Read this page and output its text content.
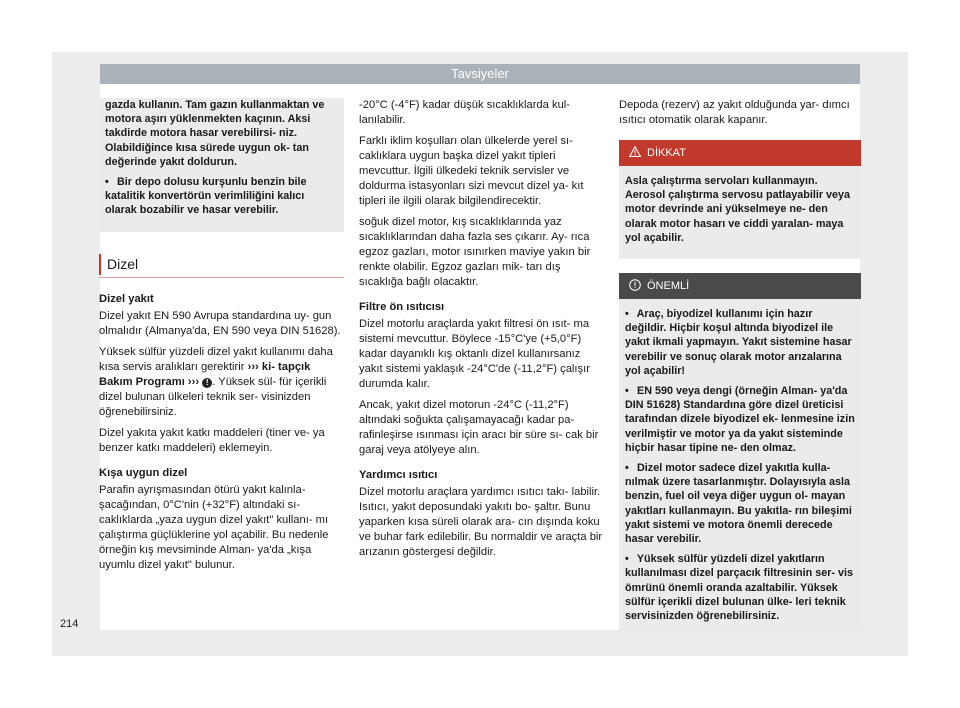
Tavsiyeler

gazda kullanın. Tam gazın kullanmaktan ve motora aşırı yüklenmekten kaçının. Aksi takdirde motora hasar verebilirsi- niz. Olabildiğince kısa sürede uygun ok- tan değerinde yakıt doldurun.

• Bir depo dolusu kurşunlu benzin bile katalitik konvertörün verimliliğini kalıcı olarak bozabilir ve hasar verebilir.

Dizel

Dizel yakıt

Dizel yakıt EN 590 Avrupa standardına uy- gun olmalıdır (Almanya'da, EN 590 veya DIN 51628).

Yüksek sülfür yüzdeli dizel yakıt kullanımı daha kısa servis aralıkları gerektirir ››› ki- tapçık Bakım Programı ››› ! . Yüksek sül- für içerikli dizel bulunan ülkeleri teknik ser- visinizden öğrenebilirsiniz.

Dizel yakıta yakıt katkı maddeleri (tiner ve- ya benzer katkı maddeleri) eklemeyin.

Kışa uygun dizel

Parafin ayrışmasından ötürü yakıt kalınla- şacağından, 0°C'nin (+32°F) altındaki sı- caklıklarda „yaza uygun dizel yakıt" kullanı- mı çalıştırma güçlüklerine yol açabilir. Bu nedenle örneğin kış mevsiminde Alman- ya'da „kışa uyumlu dizel yakıt" bulunur.

-20°C (-4°F) kadar düşük sıcaklıklarda kul- lanılabilir.

Farklı iklim koşulları olan ülkelerde yerel sı- caklıklara uygun başka dizel yakıt tipleri mevcuttur. İlgili ülkedeki teknik servisler ve doldurma istasyonları sizi mevcut dizel ya- kıt tipleri ile ilgili olarak bilgilendirecektir.

soğuk dizel motor, kış sıcaklıklarında yaz sıcaklıklarından daha fazla ses çıkarır. Ay- rıca egzoz gazları, motor ısınırken maviye yakın bir renkte olabilir. Egzoz gazları mik- tarı dış sıcaklığa bağlı olacaktır.

Filtre ön ısıtıcısı

Dizel motorlu araçlarda yakıt filtresi ön ısıt- ma sistemi mevcuttur. Böylece -15°C'ye (+5,0°F) kadar dayanıklı kış oktanlı dizel kullanırsanız yakıt sistemi yaklaşık -24°C'de (-11,2°F) çalışır durumda kalır.

Ancak, yakıt dizel motorun -24°C (-11,2°F) altındaki soğukta çalışamayacağı kadar pa- rafinleşirse ısınması için aracı bir süre sı- cak bir garaj veya atölyeye alın.

Yardımcı ısıtıcı

Dizel motorlu araçlara yardımcı ısıtıcı takı- labilir. Isıtıcı, yakıt deposundaki yakıtı bo- şaltır. Bunu yaparken kısa süreli olarak ara- cın dışında koku ve buhar fark edilebilir. Bu normaldir ve araçta bir arızanın göstergesi değildir.

Depoda (rezerv) az yakıt olduğunda yar- dımcı ısıtıcı otomatik olarak kapanır.

DİKKAT

Asla çalıştırma servoları kullanmayın. Aerosol çalıştırma servosu patlayabilir veya motor devrinde ani yükselmeye ne- den olarak motor hasarı ve ciddi yaralan- maya yol açabilir.

ÖNEMLİ

• Araç, biyodizel kullanımı için hazır değildir. Hiçbir koşul altında biyodizel ile yakıt ikmali yapmayın. Yakıt sistemine hasar verebilir ve sonuç olarak motor arızalarına yol açabilir!

• EN 590 veya dengi (örneğin Alman- ya'da DIN 51628) Standardına göre dizel üreticisi tarafından dizele biyodizel ek- lenmesine izin verilmiştir ve motor ya da yakıt sisteminde hiçbir hasar tipine ne- den olmaz.

• Dizel motor sadece dizel yakıtla kulla- nılmak üzere tasarlanmıştır. Dolayısıyla asla benzin, fuel oil veya diğer uygun ol- mayan yakıtları kullanmayın. Bu yakıtla- rın bileşimi yakıt sistemi ve motora önemli derecede hasar verebilir.

• Yüksek sülfür yüzdeli dizel yakıtların kullanılması dizel parçacık filtresinin ser- vis ömrünü önemli oranda azaltabilir. Yüksek sülfür içerikli dizel bulunan ülke- leri teknik servisinizden öğrenebilirsiniz.

214
